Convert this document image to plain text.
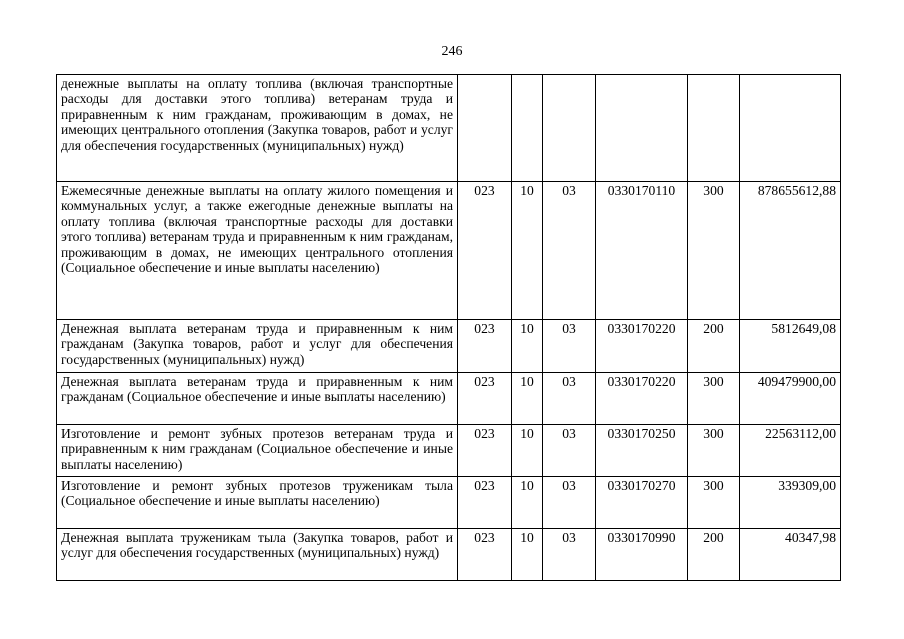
246
денежные выплаты на оплату топлива (включая транспортные расходы для доставки этого топлива) ветеранам труда и приравненным к ним гражданам, проживающим в домах, не имеющих центрального отопления (Закупка товаров, работ и услуг для обеспечения государственных (муниципальных) нужд)						
Ежемесячные денежные выплаты на оплату жилого помещения и коммунальных услуг, а также ежегодные денежные выплаты на оплату топлива (включая транспортные расходы для доставки этого топлива) ветеранам труда и приравненным к ним гражданам, проживающим в домах, не имеющих центрального отопления (Социальное обеспечение и иные выплаты населению)	023	10	03	0330170110	300	878655612,88
Денежная выплата ветеранам труда и приравненным к ним гражданам (Закупка товаров, работ и услуг для обеспечения государственных (муниципальных) нужд)	023	10	03	0330170220	200	5812649,08
Денежная выплата ветеранам труда и приравненным к ним гражданам (Социальное обеспечение и иные выплаты населению)	023	10	03	0330170220	300	409479900,00
Изготовление и ремонт зубных протезов ветеранам труда и приравненным к ним гражданам (Социальное обеспечение и иные выплаты населению)	023	10	03	0330170250	300	22563112,00
Изготовление и ремонт зубных протезов труженикам тыла (Социальное обеспечение и иные выплаты населению)	023	10	03	0330170270	300	339309,00
Денежная выплата труженикам тыла (Закупка товаров, работ и услуг для обеспечения государственных (муниципальных) нужд)	023	10	03	0330170990	200	40347,98
